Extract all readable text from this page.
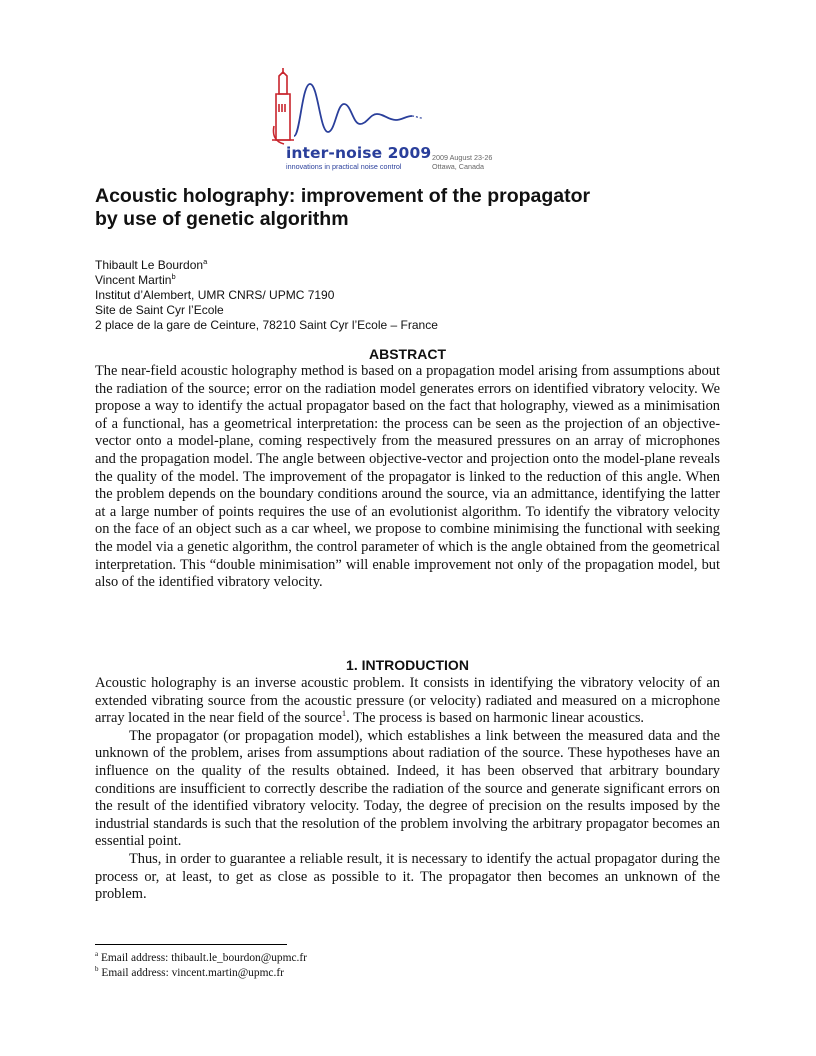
inter-noise 2009
innovations in practical noise control
2009 August 23-26
Ottawa, Canada
Acoustic holography: improvement of the propagator
by use of genetic algorithm
Thibault Le Bourdon$^a$
Vincent Martin$^b$
Institut d’Alembert, UMR CNRS/ UPMC 7190
Site de Saint Cyr l’Ecole
2 place de la gare de Ceinture, 78210 Saint Cyr l’Ecole – France
ABSTRACT

The near-field acoustic holography method is based on a propagation model arising from assumptions about the radiation of the source; error on the radiation model generates errors on identified vibratory velocity. We propose a way to identify the actual propagator based on the fact that holography, viewed as a minimisation of a functional, has a geometrical interpretation: the process can be seen as the projection of an objective-vector onto a model-plane, coming respectively from the measured pressures on an array of microphones and the propagation model. The angle between objective-vector and projection onto the model-plane reveals the quality of the model. The improvement of the propagator is linked to the reduction of this angle. When the problem depends on the boundary conditions around the source, via an admittance, identifying the latter at a large number of points requires the use of an evolutionist algorithm. To identify the vibratory velocity on the face of an object such as a car wheel, we propose to combine minimising the functional with seeking the model via a genetic algorithm, the control parameter of which is the angle obtained from the geometrical interpretation. This “double minimisation” will enable improvement not only of the propagation model, but also of the identified vibratory velocity.

1. INTRODUCTION

Acoustic holography is an inverse acoustic problem. It consists in identifying the vibratory velocity of an extended vibrating source from the acoustic pressure (or velocity) radiated and measured on a microphone array located in the near field of the source$^1$. The process is based on harmonic linear acoustics.

The propagator (or propagation model), which establishes a link between the measured data and the unknown of the problem, arises from assumptions about radiation of the source. These hypotheses have an influence on the quality of the results obtained. Indeed, it has been observed that arbitrary boundary conditions are insufficient to correctly describe the radiation of the source and generate significant errors on the result of the identified vibratory velocity. Today, the degree of precision on the results imposed by the industrial standards is such that the resolution of the problem involving the arbitrary propagator becomes an essential point.

Thus, in order to guarantee a reliable result, it is necessary to identify the actual propagator during the process or, at least, to get as close as possible to it. The propagator then becomes an unknown of the problem.

$^a$ Email address: thibault.le_bourdon@upmc.fr
$^b$ Email address: vincent.martin@upmc.fr
